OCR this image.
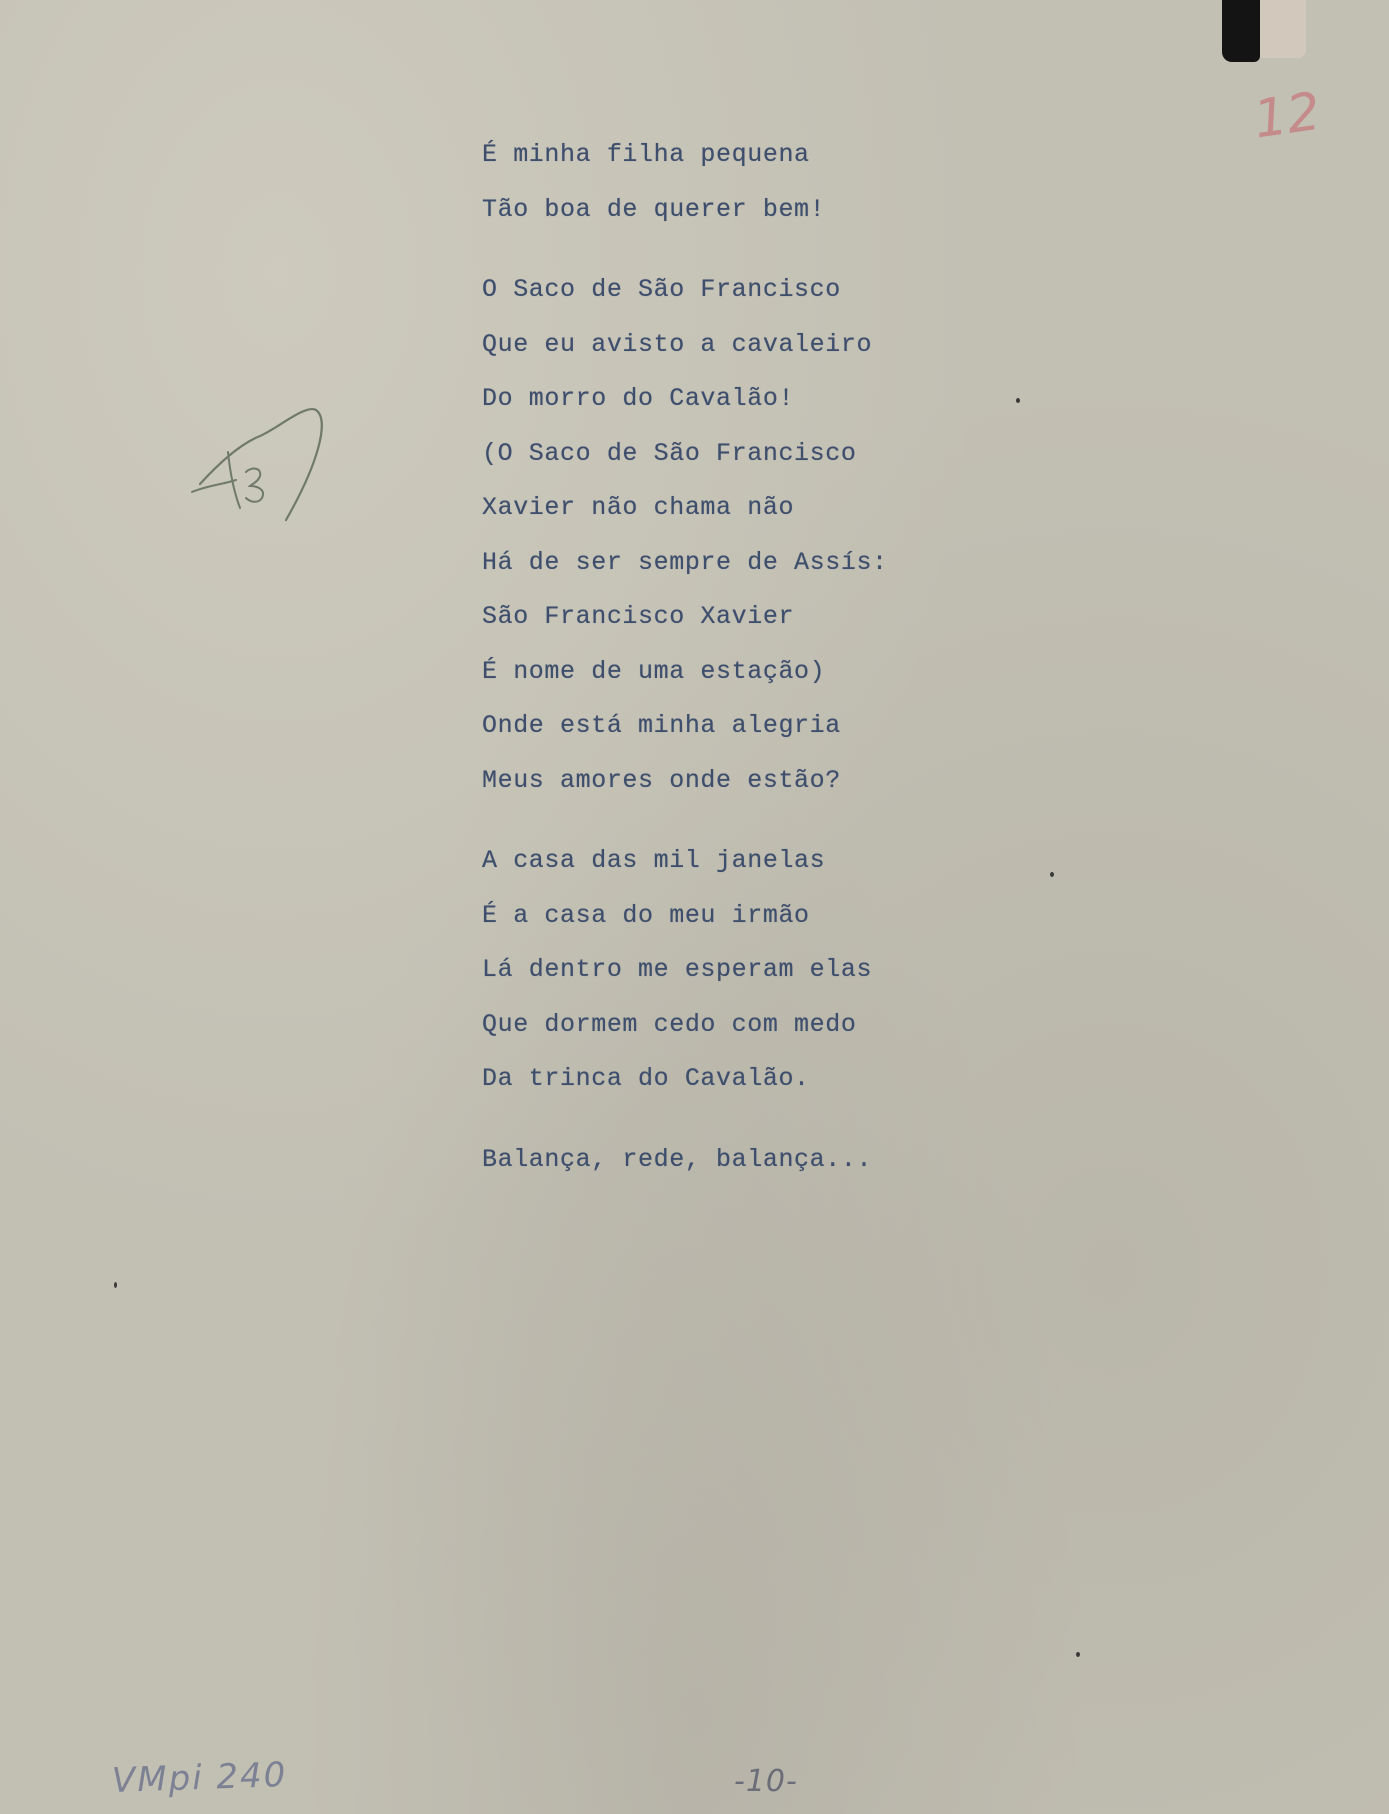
12
É minha filha pequena
Tão boa de querer bem!
O Saco de São Francisco
Que eu avisto a cavaleiro
Do morro do Cavalão!
(O Saco de São Francisco
Xavier não chama não
Há de ser sempre de Assís:
São Francisco Xavier
É nome de uma estação)
Onde está minha alegria
Meus amores onde estão?
A casa das mil janelas
É a casa do meu irmão
Lá dentro me esperam elas
Que dormem cedo com medo
Da trinca do Cavalão.
Balança, rede, balança...
VMpi 240	-10-
